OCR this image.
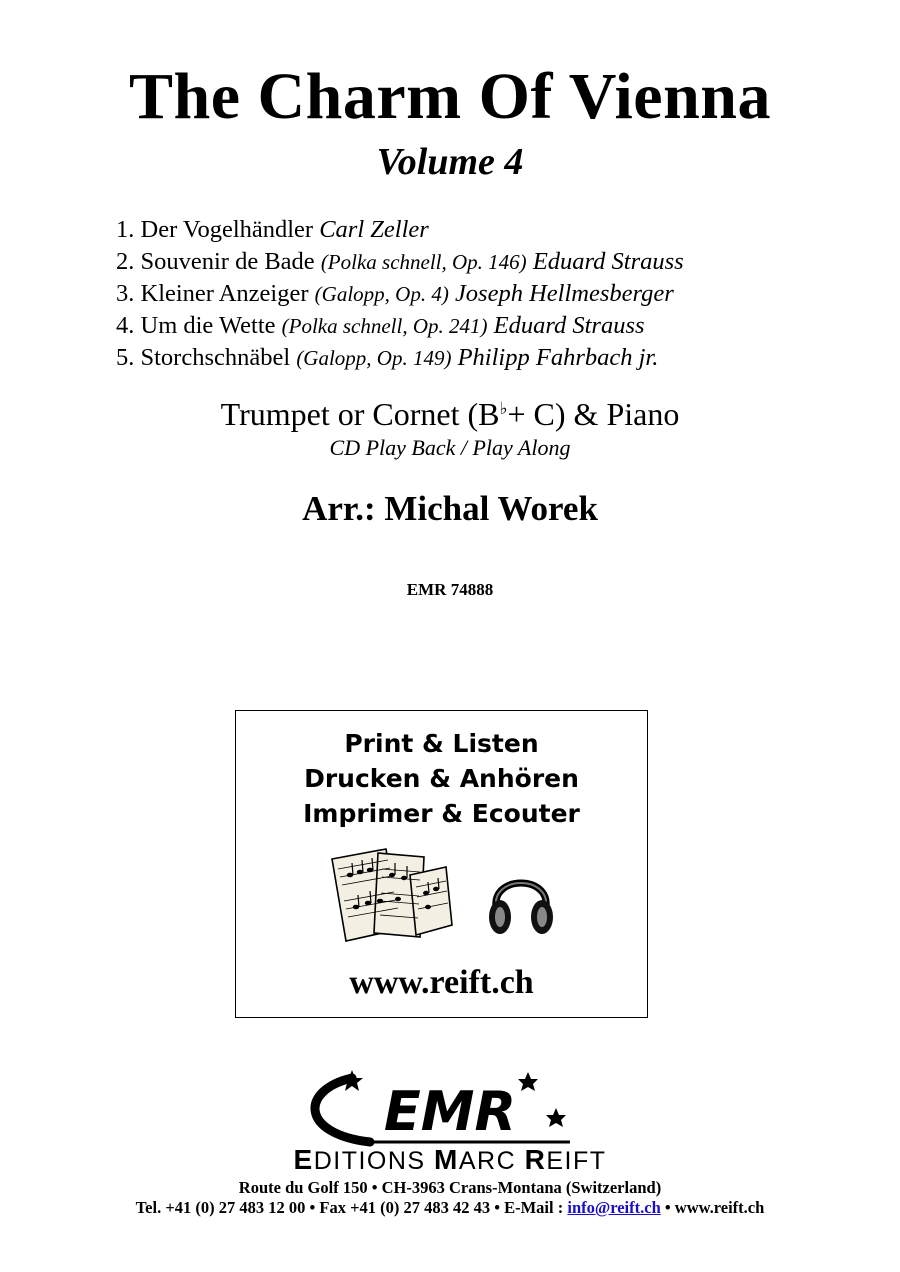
The Charm Of Vienna
Volume 4
1. Der Vogelhändler Carl Zeller
2. Souvenir de Bade (Polka schnell, Op. 146) Eduard Strauss
3. Kleiner Anzeiger (Galopp, Op. 4) Joseph Hellmesberger
4. Um die Wette (Polka schnell, Op. 241) Eduard Strauss
5. Storchschnäbel (Galopp, Op. 149) Philipp Fahrbach jr.
Trumpet or Cornet (B♭+ C) & Piano
CD Play Back / Play Along
Arr.: Michal Worek
EMR 74888
Print & Listen
Drucken & Anhören
Imprimer & Ecouter
www.reift.ch
EMR
EDITIONS MARC REIFT
Route du Golf 150 • CH-3963 Crans-Montana (Switzerland)
Tel. +41 (0) 27 483 12 00 • Fax +41 (0) 27 483 42 43 • E-Mail : info@reift.ch • www.reift.ch
